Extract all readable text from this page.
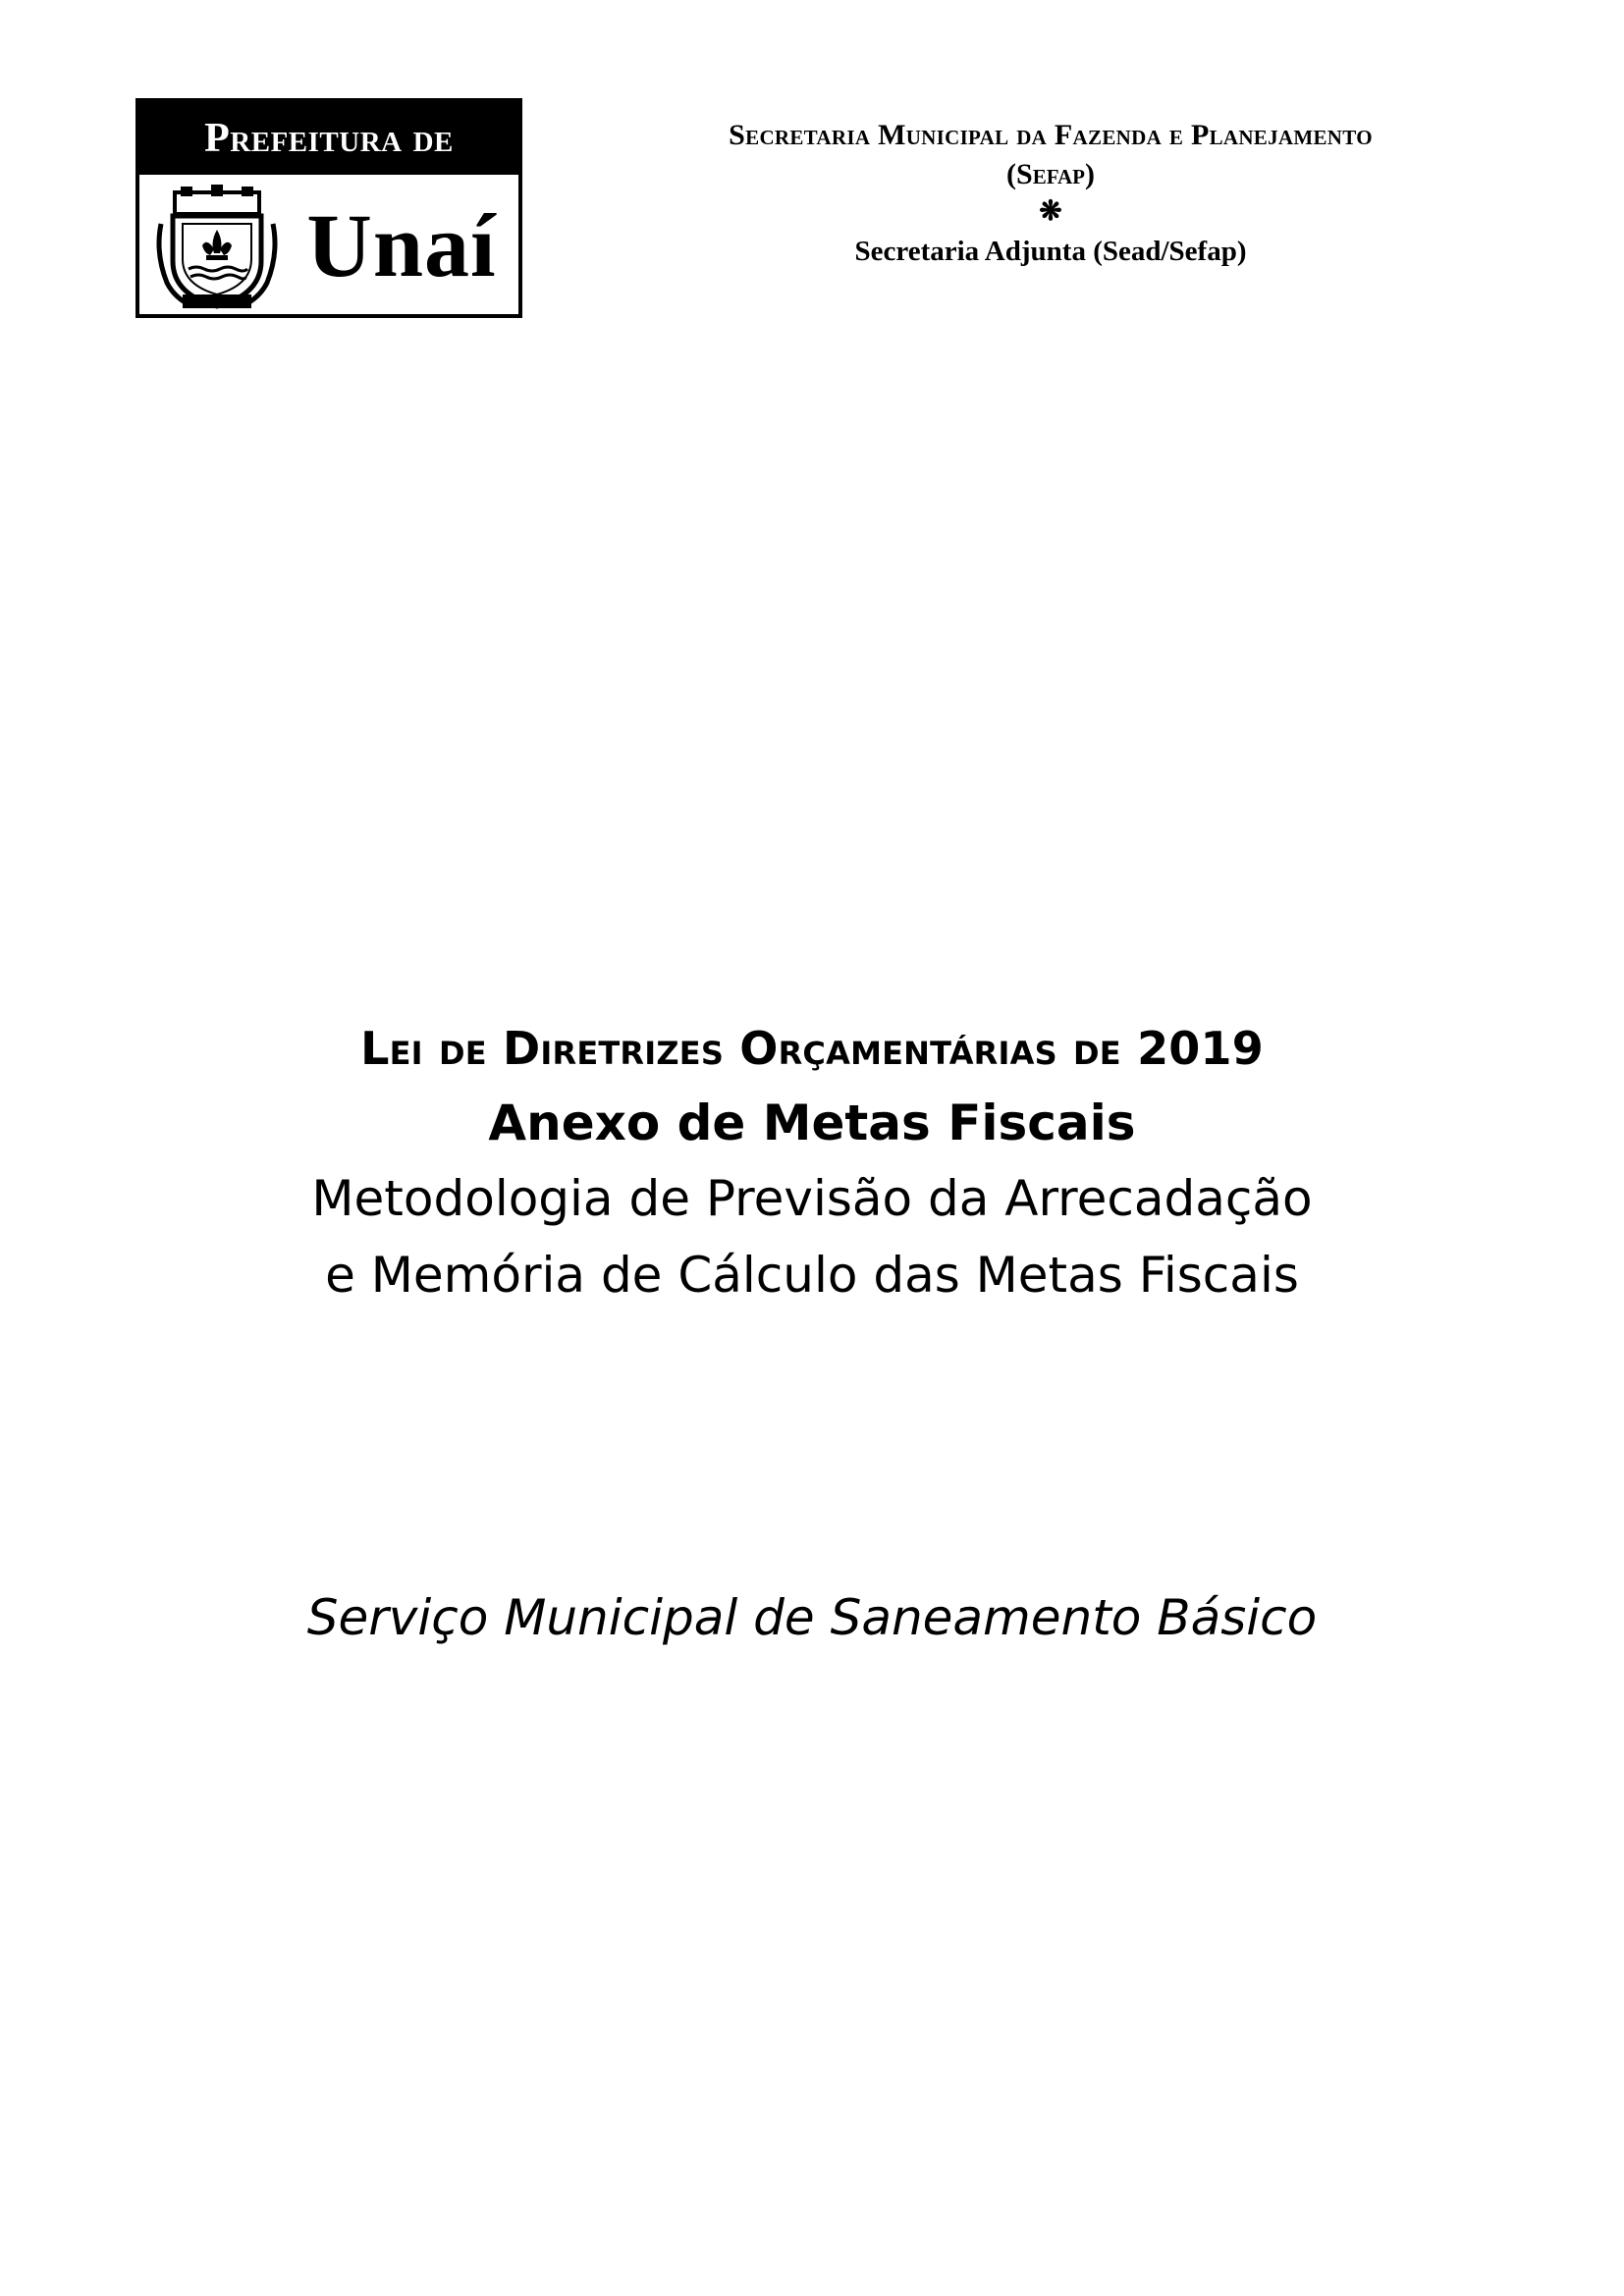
Prefeitura de
Unaí
Secretaria Municipal da Fazenda e Planejamento
(Sefap)
❋
Secretaria Adjunta (Sead/Sefap)
Lei de Diretrizes Orçamentárias de 2019
Anexo de Metas Fiscais
Metodologia de Previsão da Arrecadação
e Memória de Cálculo das Metas Fiscais
Serviço Municipal de Saneamento Básico
